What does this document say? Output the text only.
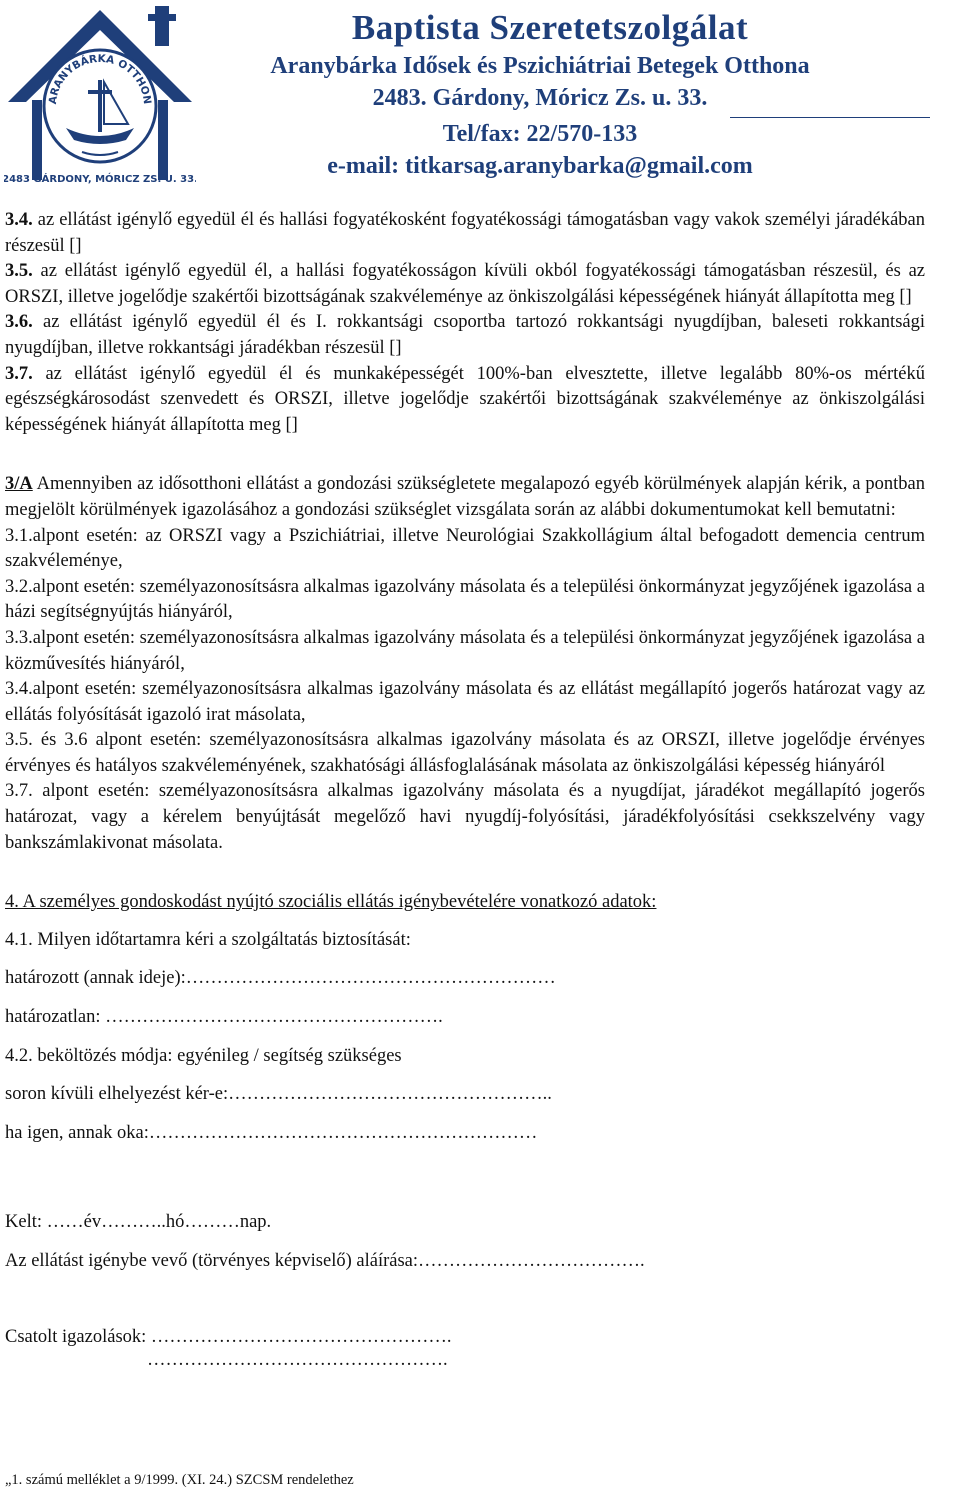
ARANYBÁRKA OTTHON
2483 GÁRDONY, MÓRICZ ZS. U. 33.
Baptista Szeretetszolgálat
Aranybárka Idősek és Pszichiátriai Betegek Otthona
2483. Gárdony, Móricz Zs. u. 33.
Tel/fax: 22/570-133
e-mail: titkarsag.aranybarka@gmail.com

3.4. az ellátást igénylő egyedül él és hallási fogyatékosként fogyatékossági támogatásban vagy vakok személyi járadékában részesül []

3.5. az ellátást igénylő egyedül él, a hallási fogyatékosságon kívüli okból fogyatékossági támogatásban részesül, és az ORSZI, illetve jogelődje szakértői bizottságának szakvéleménye az önkiszolgálási képességének hiányát állapította meg []

3.6. az ellátást igénylő egyedül él és I. rokkantsági csoportba tartozó rokkantsági nyugdíjban, baleseti rokkantsági nyugdíjban, illetve rokkantsági járadékban részesül []

3.7. az ellátást igénylő egyedül él és munkaképességét 100%-ban elvesztette, illetve legalább 80%-os mértékű egészségkárosodást szenvedett és ORSZI, illetve jogelődje szakértői bizottságának szakvéleménye az önkiszolgálási képességének hiányát állapította meg []

3/A Amennyiben az idősotthoni ellátást a gondozási szükségletete megalapozó egyéb körülmények alapján kérik, a pontban megjelölt körülmények igazolásához a gondozási szükséglet vizsgálata során az alábbi dokumentumokat kell bemutatni:

3.1.alpont esetén: az ORSZI vagy a Pszichiátriai, illetve Neurológiai Szakkollágium által befogadott demencia centrum szakvéleménye,

3.2.alpont esetén: személyazonosítsásra alkalmas igazolvány másolata és a települési önkormányzat jegyzőjének igazolása a házi segítségnyújtás hiányáról,

3.3.alpont esetén: személyazonosítsásra alkalmas igazolvány másolata és a települési önkormányzat jegyzőjének igazolása a közművesítés hiányáról,

3.4.alpont esetén: személyazonosítsásra alkalmas igazolvány másolata és az ellátást megállapító jogerős határozat vagy az ellátás folyósítását igazoló irat másolata,

3.5. és 3.6 alpont esetén: személyazonosítsásra alkalmas igazolvány másolata és az ORSZI, illetve jogelődje érvényes érvényes és hatályos szakvéleményének, szakhatósági állásfoglalásának másolata az önkiszolgálási képesség hiányáról

3.7. alpont esetén: személyazonosítsásra alkalmas igazolvány másolata és a nyugdíjat, járadékot megállapító jogerős határozat, vagy a kérelem benyújtását megelőző havi nyugdíj-folyósítási, járadékfolyósítási csekkszelvény vagy bankszámlakivonat másolata.

4. A személyes gondoskodást nyújtó szociális ellátás igénybevételére vonatkozó adatok:

4.1. Milyen időtartamra kéri a szolgáltatás biztosítását:

határozott (annak ideje):……………………………………………………

határozatlan: ……………………………………………….

4.2. beköltözés módja: egyénileg / segítség szükséges

soron kívüli elhelyezést kér-e:……………………………………………..

ha igen, annak oka:………………………………………………………

Kelt: ……év………..hó………nap.

Az ellátást igénybe vevő (törvényes képviselő) aláírása:……………………………….

Csatolt igazolások: ………………………………………….

………………………………………….

„1. számú melléklet a 9/1999. (XI. 24.) SZCSM rendelethez
